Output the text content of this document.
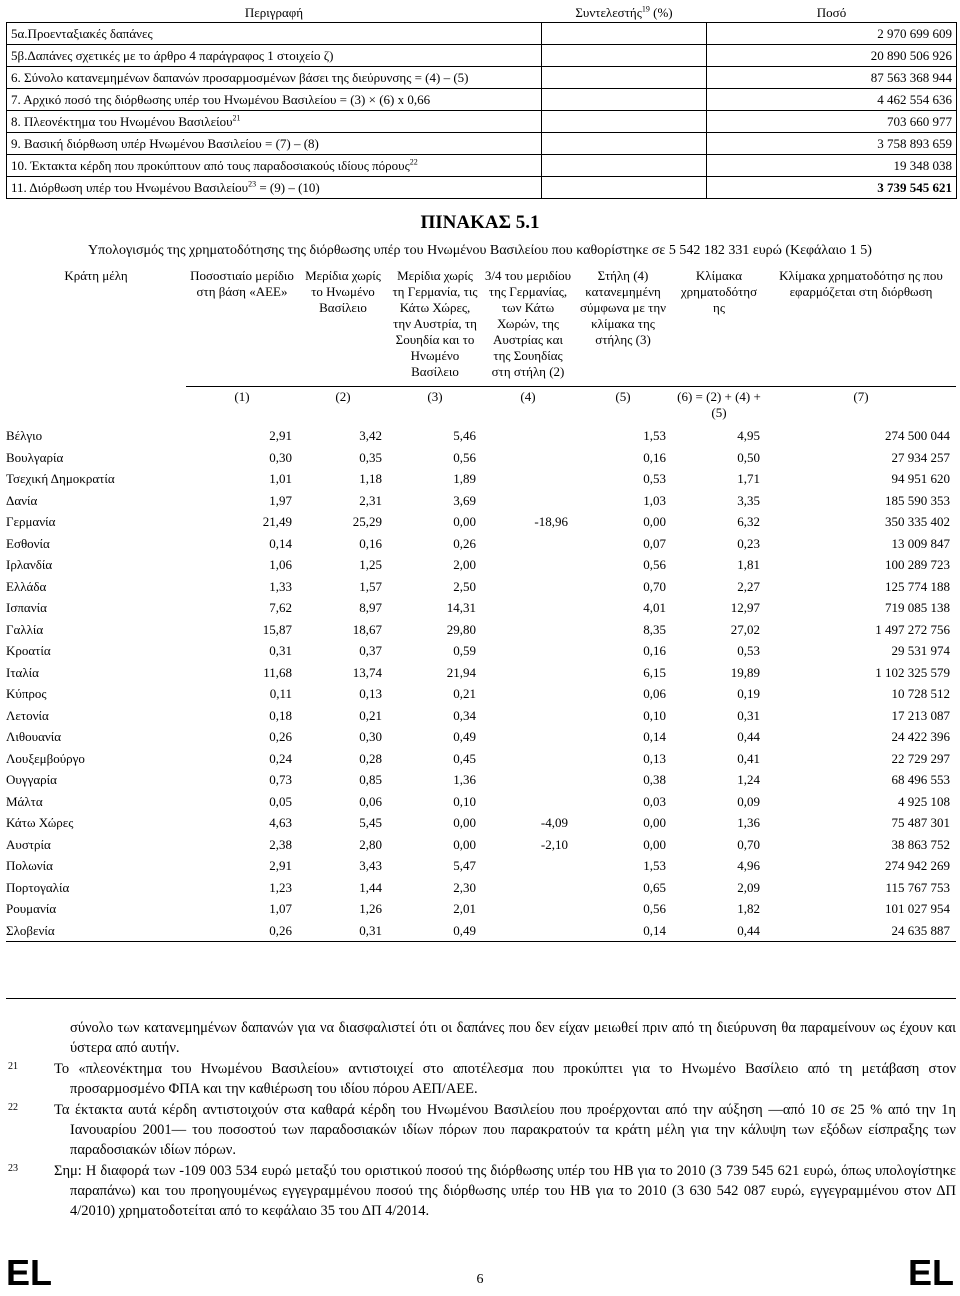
Περιγραφή	Συντελεστής$^{19}$ (%)	Ποσό
5α.Προενταξιακές δαπάνες		2 970 699 609
5β.Δαπάνες σχετικές με το άρθρο 4 παράγραφος 1 στοιχείο ζ)		20 890 506 926
6. Σύνολο κατανεμημένων δαπανών προσαρμοσμένων βάσει της διεύρυνσης = (4) – (5)		87 563 368 944
7. Αρχικό ποσό της διόρθωσης υπέρ του Ηνωμένου Βασιλείου = (3) × (6) x 0,66		4 462 554 636
8. Πλεονέκτημα του Ηνωμένου Βασιλείου$^{21}$		703 660 977
9. Βασική διόρθωση υπέρ Ηνωμένου Βασιλείου = (7) – (8)		3 758 893 659
10. Έκτακτα κέρδη που προκύπτουν από τους παραδοσιακούς ιδίους πόρους$^{22}$		19 348 038
11. Διόρθωση υπέρ του Ηνωμένου Βασιλείου$^{23}$ = (9) – (10)		3 739 545 621
ΠΙΝΑΚΑΣ 5.1
Υπολογισμός της χρηματοδότησης της διόρθωσης υπέρ του Ηνωμένου Βασιλείου που καθορίστηκε σε 5 542 182 331 ευρώ (Κεφάλαιο 1 5)
Κράτη μέλη	Ποσοστιαίο μερίδιο στη βάση «ΑΕΕ»	Μερίδια χωρίς το Ηνωμένο Βασίλειο	Μερίδια χωρίς τη Γερμανία, τις Κάτω Χώρες, την Αυστρία, τη Σουηδία και το Ηνωμένο Βασίλειο	3/4 του μεριδίου της Γερμανίας, των Κάτω Χωρών, της Αυστρίας και της Σουηδίας στη στήλη (2)	Στήλη (4) κατανεμημένη σύμφωνα με την κλίμακα της στήλης (3)	Κλίμακα χρηματοδότησ ης	Κλίμακα χρηματοδότησ ης που εφαρμόζεται στη διόρθωση
	(1)	(2)	(3)	(4)	(5)	(6) = (2) + (4) + (5)	(7)
Βέλγιο	2,91	3,42	5,46		1,53	4,95	274 500 044
Βουλγαρία	0,30	0,35	0,56		0,16	0,50	27 934 257
Τσεχική Δημοκρατία	1,01	1,18	1,89		0,53	1,71	94 951 620
Δανία	1,97	2,31	3,69		1,03	3,35	185 590 353
Γερμανία	21,49	25,29	0,00	-18,96	0,00	6,32	350 335 402
Εσθονία	0,14	0,16	0,26		0,07	0,23	13 009 847
Ιρλανδία	1,06	1,25	2,00		0,56	1,81	100 289 723
Ελλάδα	1,33	1,57	2,50		0,70	2,27	125 774 188
Ισπανία	7,62	8,97	14,31		4,01	12,97	719 085 138
Γαλλία	15,87	18,67	29,80		8,35	27,02	1 497 272 756
Κροατία	0,31	0,37	0,59		0,16	0,53	29 531 974
Ιταλία	11,68	13,74	21,94		6,15	19,89	1 102 325 579
Κύπρος	0,11	0,13	0,21		0,06	0,19	10 728 512
Λετονία	0,18	0,21	0,34		0,10	0,31	17 213 087
Λιθουανία	0,26	0,30	0,49		0,14	0,44	24 422 396
Λουξεμβούργο	0,24	0,28	0,45		0,13	0,41	22 729 297
Ουγγαρία	0,73	0,85	1,36		0,38	1,24	68 496 553
Μάλτα	0,05	0,06	0,10		0,03	0,09	4 925 108
Κάτω Χώρες	4,63	5,45	0,00	-4,09	0,00	1,36	75 487 301
Αυστρία	2,38	2,80	0,00	-2,10	0,00	0,70	38 863 752
Πολωνία	2,91	3,43	5,47		1,53	4,96	274 942 269
Πορτογαλία	1,23	1,44	2,30		0,65	2,09	115 767 753
Ρουμανία	1,07	1,26	2,01		0,56	1,82	101 027 954
Σλοβενία	0,26	0,31	0,49		0,14	0,44	24 635 887

σύνολο των κατανεμημένων δαπανών για να διασφαλιστεί ότι οι δαπάνες που δεν είχαν μειωθεί πριν από τη διεύρυνση θα παραμείνουν ως έχουν και ύστερα από αυτήν.

21	Το «πλεονέκτημα του Ηνωμένου Βασιλείου» αντιστοιχεί στο αποτέλεσμα που προκύπτει για το Ηνωμένο Βασίλειο από τη μετάβαση στον προσαρμοσμένο ΦΠΑ και την καθιέρωση του ιδίου πόρου ΑΕΠ/ΑΕΕ.

22	Τα έκτακτα αυτά κέρδη αντιστοιχούν στα καθαρά κέρδη του Ηνωμένου Βασιλείου που προέρχονται από την αύξηση —από 10 σε 25 % από την 1η Ιανουαρίου 2001— του ποσοστού των παραδοσιακών ιδίων πόρων που παρακρατούν τα κράτη μέλη για την κάλυψη των εξόδων είσπραξης των παραδοσιακών ιδίων πόρων.

23	Σημ: Η διαφορά των -109 003 534 ευρώ μεταξύ του οριστικού ποσού της διόρθωσης υπέρ του ΗΒ για το 2010 (3 739 545 621 ευρώ, όπως υπολογίστηκε παραπάνω) και του προηγουμένως εγγεγραμμένου ποσού της διόρθωσης υπέρ του ΗΒ για το 2010 (3 630 542 087 ευρώ, εγγεγραμμένου στον ΔΠ 4/2010) χρηματοδοτείται από το κεφάλαιο 35 του ΔΠ 4/2014.

EL	6	EL
